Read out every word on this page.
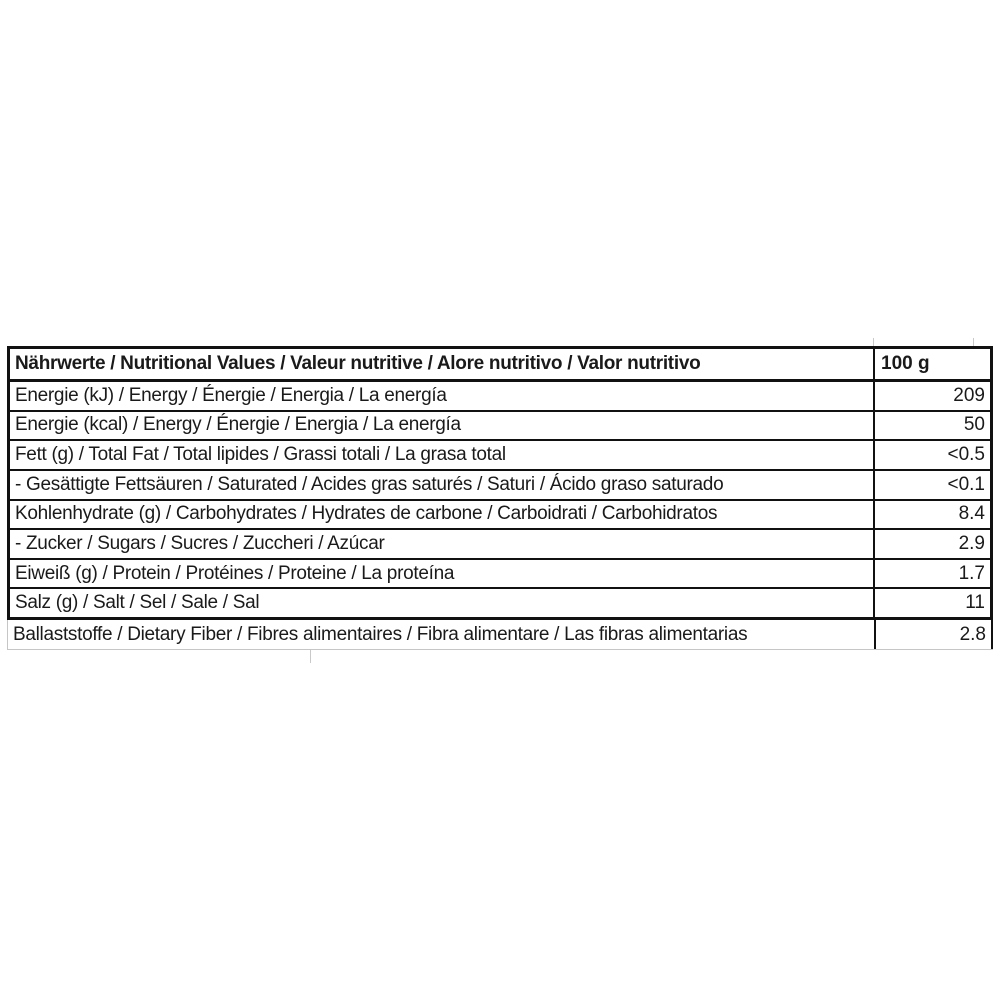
Nährwerte / Nutritional Values / Valeur nutritive / Alore nutritivo / Valor nutritivo	100 g
Energie (kJ) / Energy / Énergie / Energia / La energía	209
Energie (kcal) / Energy / Énergie / Energia / La energía	50
Fett (g) / Total Fat / Total lipides / Grassi totali / La grasa total	<0.5
- Gesättigte Fettsäuren / Saturated / Acides gras saturés / Saturi / Ácido graso saturado	<0.1
Kohlenhydrate (g) / Carbohydrates / Hydrates de carbone / Carboidrati / Carbohidratos	8.4
- Zucker / Sugars / Sucres / Zuccheri / Azúcar	2.9
Eiweiß (g) / Protein / Protéines / Proteine / La proteína	1.7
Salz (g) / Salt / Sel / Sale / Sal	11
Ballaststoffe / Dietary Fiber / Fibres alimentaires / Fibra alimentare / Las fibras alimentarias	2.8
